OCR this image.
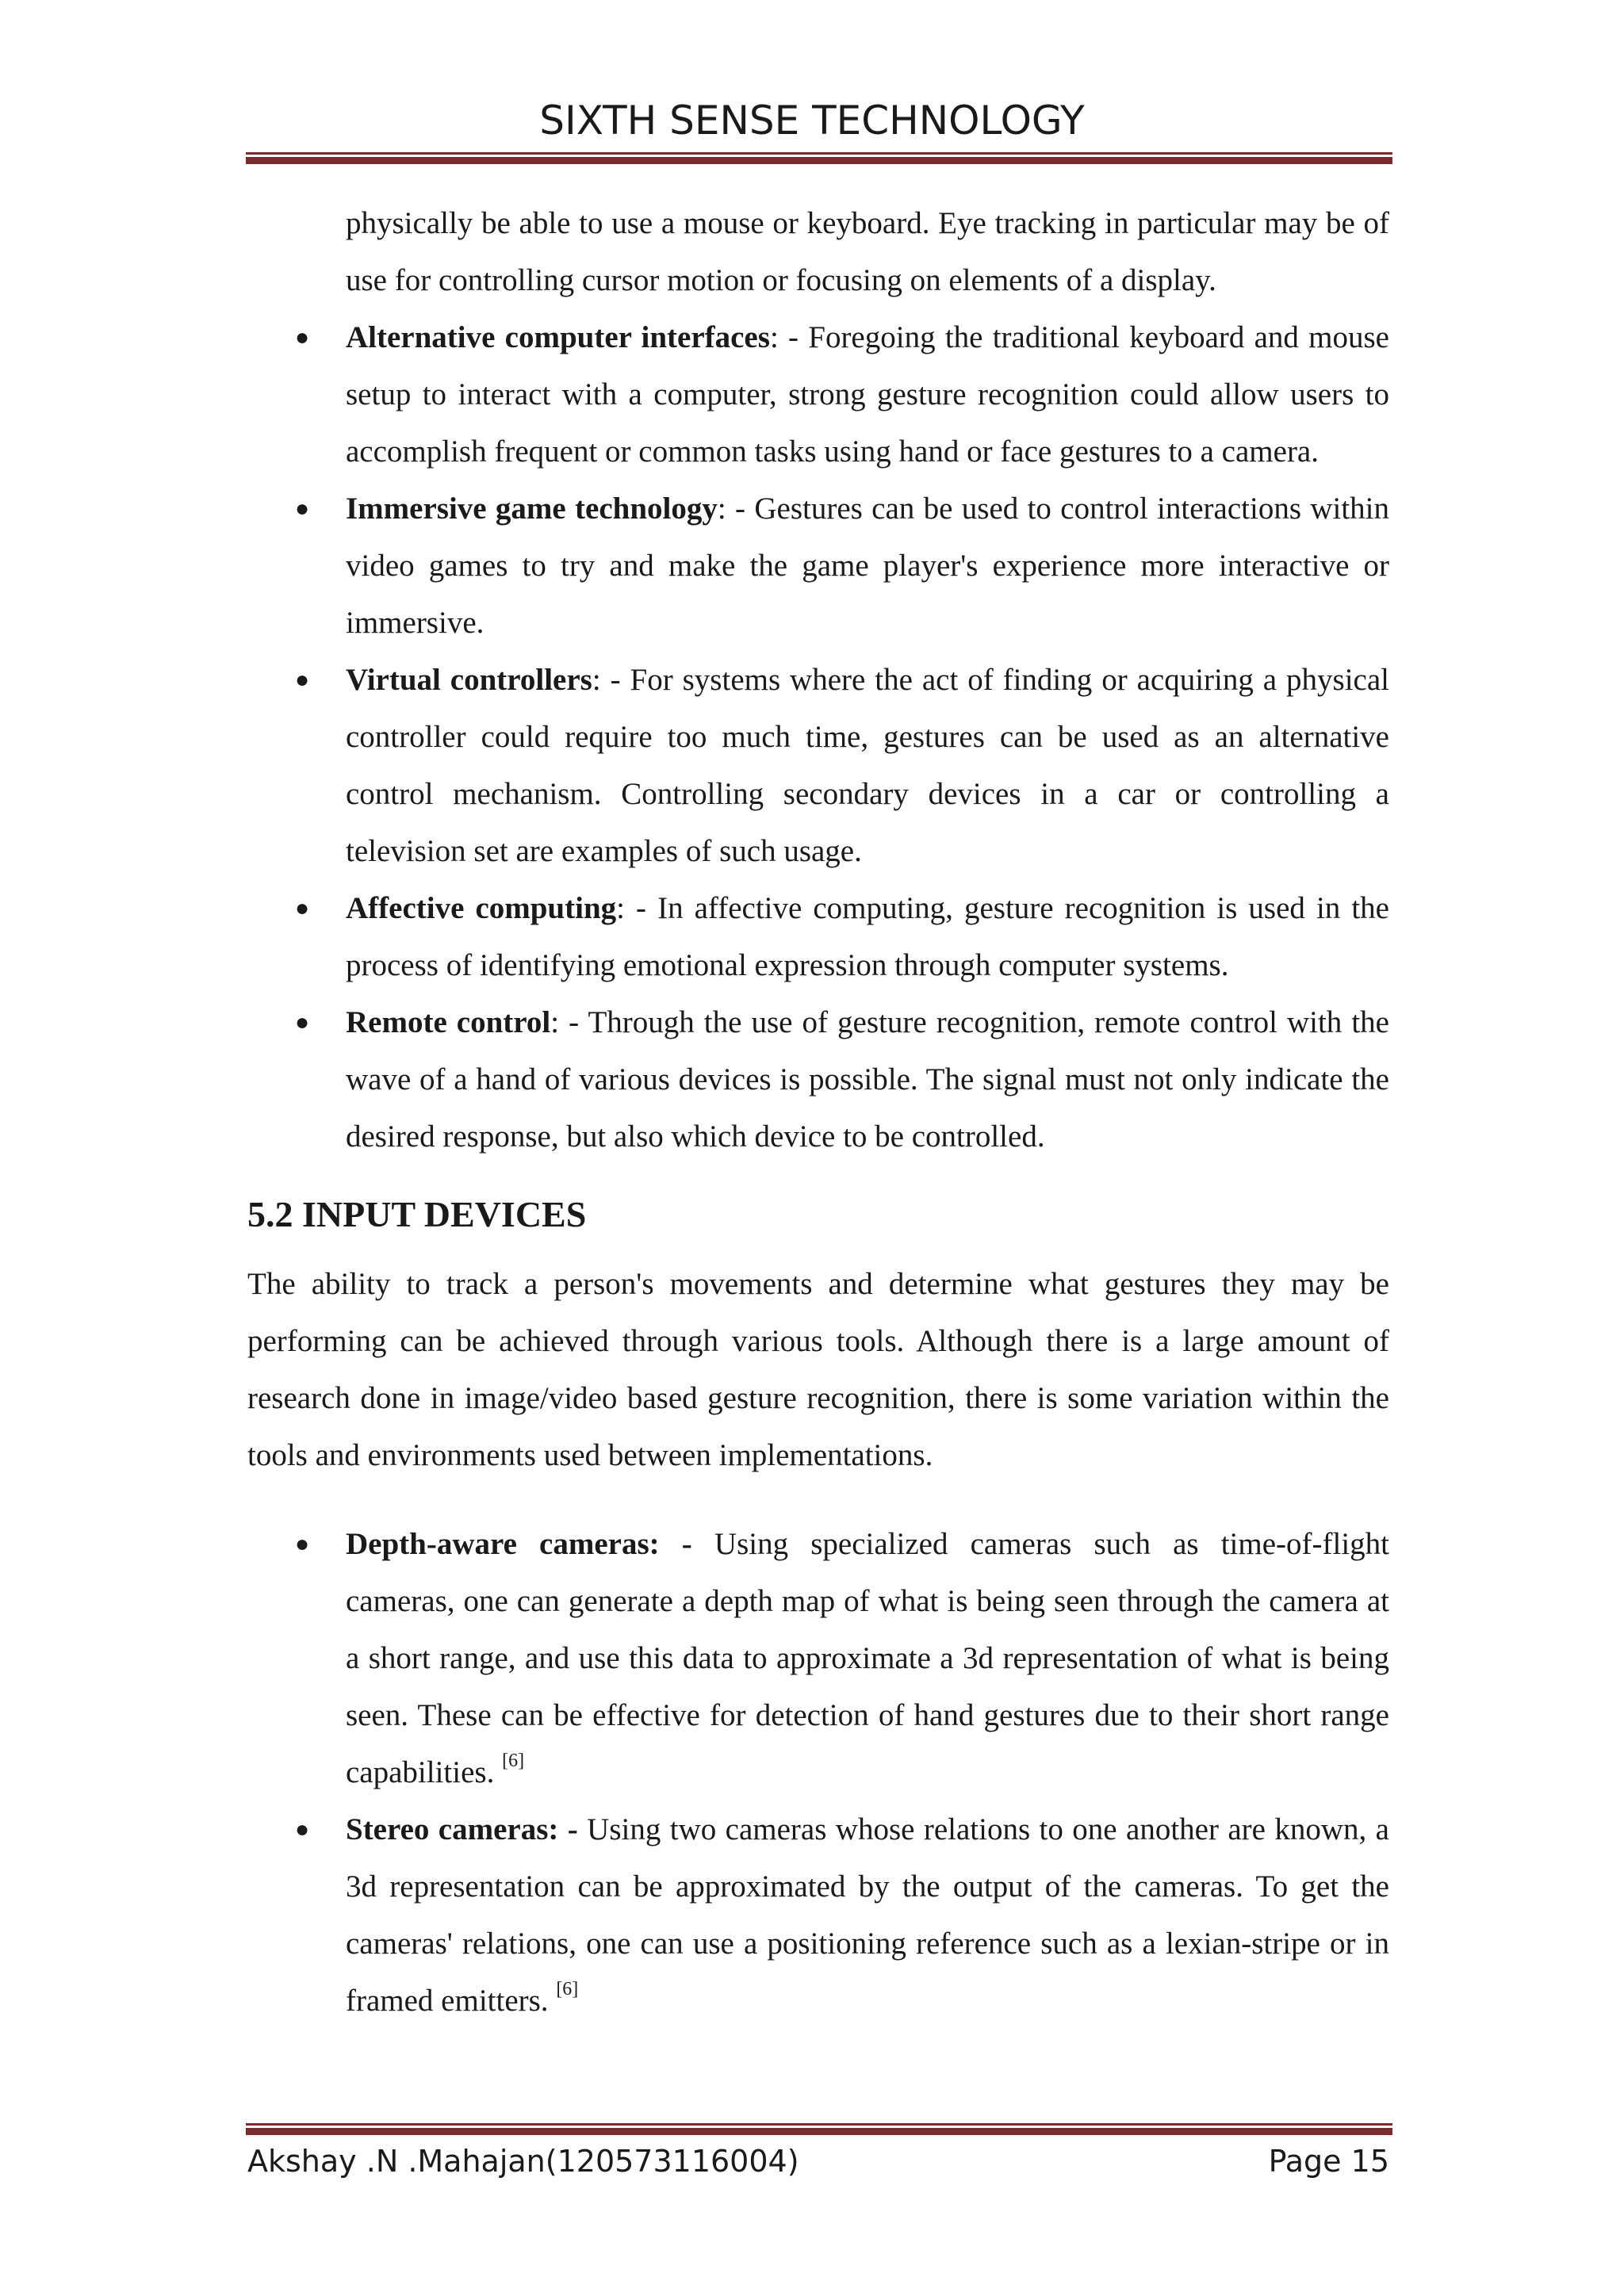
SIXTH SENSE TECHNOLOGY

physically be able to use a mouse or keyboard. Eye tracking in particular may be of use for controlling cursor motion or focusing on elements of a display.

● Alternative computer interfaces: - Foregoing the traditional keyboard and mouse setup to interact with a computer, strong gesture recognition could allow users to accomplish frequent or common tasks using hand or face gestures to a camera.
● Immersive game technology: - Gestures can be used to control interactions within video games to try and make the game player's experience more interactive or immersive.
● Virtual controllers: - For systems where the act of finding or acquiring a physical controller could require too much time, gestures can be used as an alternative control mechanism. Controlling secondary devices in a car or controlling a television set are examples of such usage.
● Affective computing: - In affective computing, gesture recognition is used in the process of identifying emotional expression through computer systems.
● Remote control: - Through the use of gesture recognition, remote control with the wave of a hand of various devices is possible. The signal must not only indicate the desired response, but also which device to be controlled.
5.2 INPUT DEVICES

The ability to track a person's movements and determine what gestures they may be performing can be achieved through various tools. Although there is a large amount of research done in image/video based gesture recognition, there is some variation within the tools and environments used between implementations.

● Depth-aware cameras: - Using specialized cameras such as time-of-flight cameras, one can generate a depth map of what is being seen through the camera at a short range, and use this data to approximate a 3d representation of what is being seen. These can be effective for detection of hand gestures due to their short range capabilities. [6]
● Stereo cameras: - Using two cameras whose relations to one another are known, a 3d representation can be approximated by the output of the cameras. To get the cameras' relations, one can use a positioning reference such as a lexian-stripe or in framed emitters. [6]
Akshay .N .Mahajan(120573116004)	Page 15
